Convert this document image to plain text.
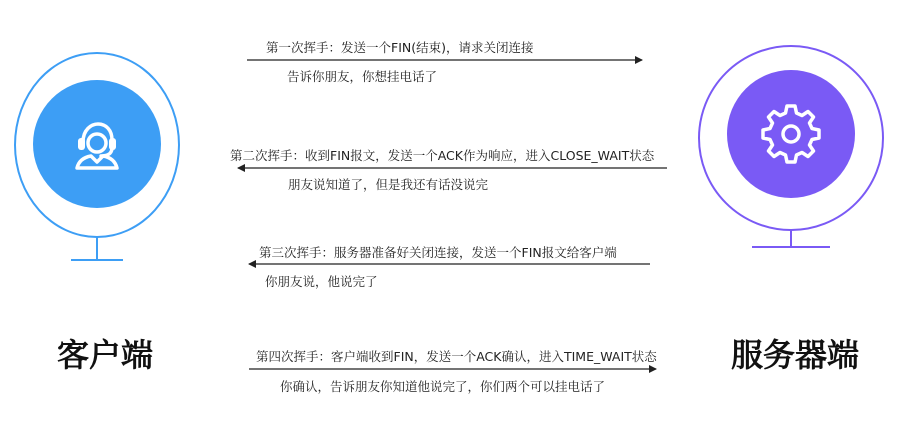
客户端	服务器端
第一次挥手：发送一个FIN(结束)，请求关闭连接
告诉你朋友，你想挂电话了
第二次挥手：收到FIN报文，发送一个ACK作为响应，进入CLOSE_WAIT状态
朋友说知道了，但是我还有话没说完
第三次挥手：服务器准备好关闭连接，发送一个FIN报文给客户端
你朋友说，他说完了
第四次挥手：客户端收到FIN，发送一个ACK确认，进入TIME_WAIT状态
你确认，告诉朋友你知道他说完了，你们两个可以挂电话了
